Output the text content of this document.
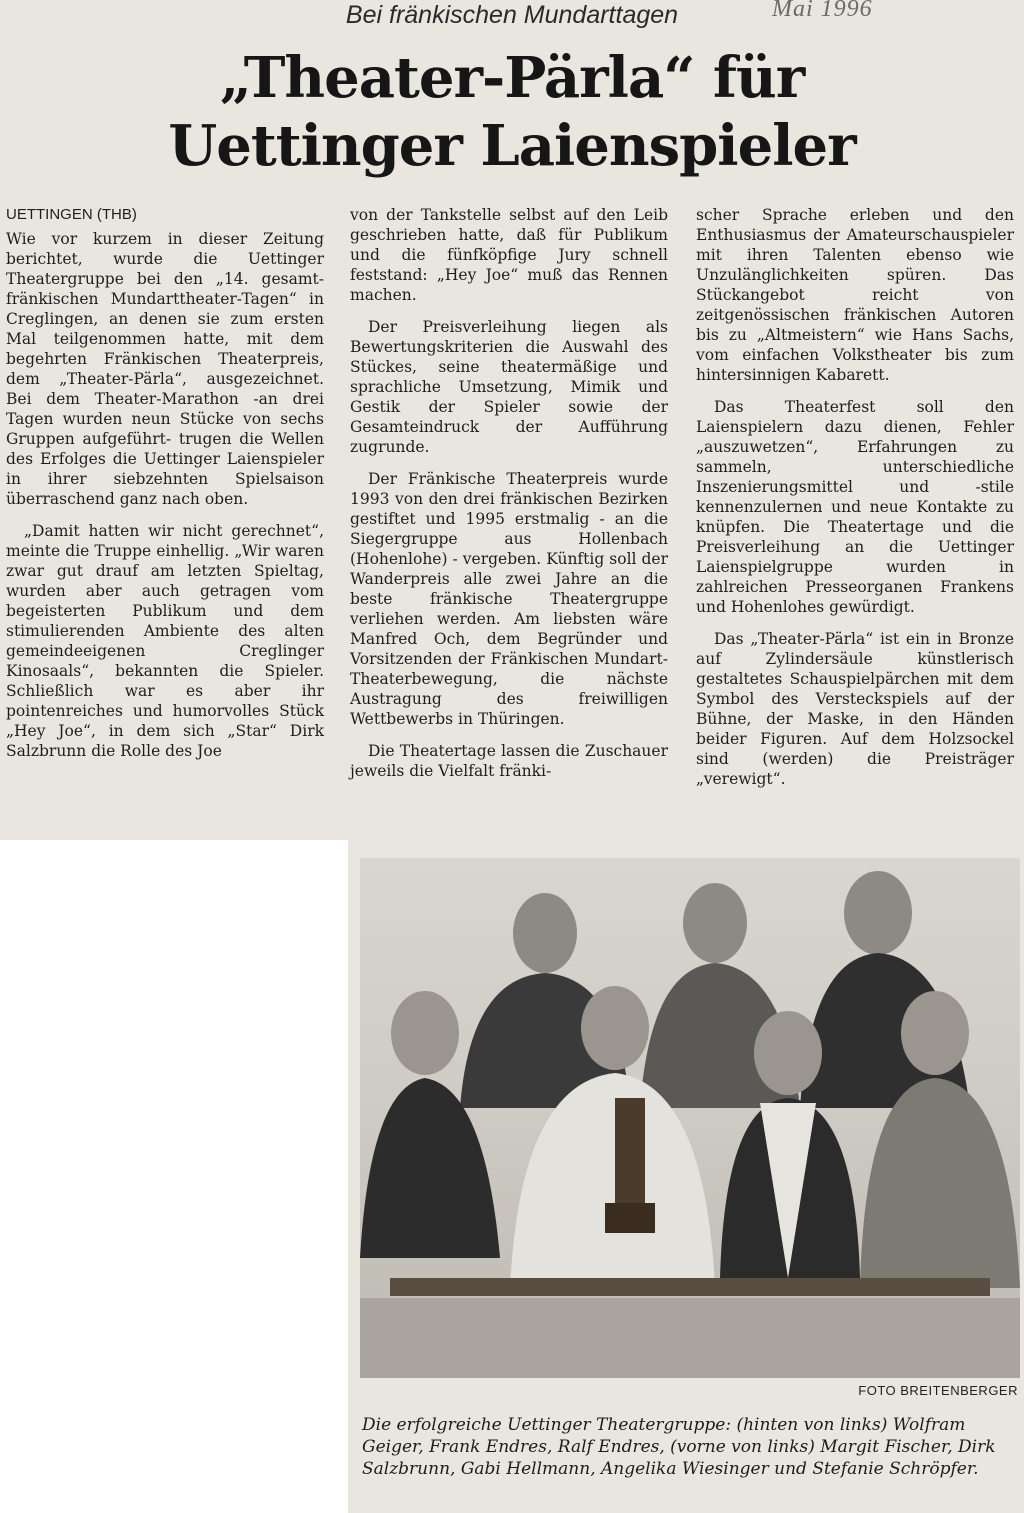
Bei fränkischen Mundarttagen	Mai 1996
„Theater-Pärla“ für
Uettinger Laienspieler
UETTINGEN (THB)

Wie vor kurzem in dieser Zeitung berichtet, wurde die Uettinger Theatergruppe bei den „14. gesamt-fränkischen Mundarttheater-Tagen“ in Creglingen, an denen sie zum ersten Mal teilgenommen hatte, mit dem begehrten Fränkischen Theaterpreis, dem „Theater-Pärla“, ausgezeichnet. Bei dem Theater-Marathon -an drei Tagen wurden neun Stücke von sechs Gruppen aufgeführt- trugen die Wellen des Erfolges die Uettinger Laienspieler in ihrer siebzehnten Spielsaison überraschend ganz nach oben.

„Damit hatten wir nicht gerechnet“, meinte die Truppe einhellig. „Wir waren zwar gut drauf am letzten Spieltag, wurden aber auch getragen vom begeisterten Publikum und dem stimulierenden Ambiente des alten gemeindeeigenen Creglinger Kinosaals“, bekannten die Spieler. Schließlich war es aber ihr pointenreiches und humorvolles Stück „Hey Joe“, in dem sich „Star“ Dirk Salzbrunn die Rolle des Joe

von der Tankstelle selbst auf den Leib geschrieben hatte, daß für Publikum und die fünfköpfige Jury schnell feststand: „Hey Joe“ muß das Rennen machen.

Der Preisverleihung liegen als Bewertungskriterien die Auswahl des Stückes, seine theatermäßige und sprachliche Umsetzung, Mimik und Gestik der Spieler sowie der Gesamteindruck der Aufführung zugrunde.

Der Fränkische Theaterpreis wurde 1993 von den drei fränkischen Bezirken gestiftet und 1995 erstmalig - an die Siegergruppe aus Hollenbach (Hohenlohe) - vergeben. Künftig soll der Wanderpreis alle zwei Jahre an die beste fränkische Theatergruppe verliehen werden. Am liebsten wäre Manfred Och, dem Begründer und Vorsitzenden der Fränkischen Mundart-Theaterbewegung, die nächste Austragung des freiwilligen Wettbewerbs in Thüringen.

Die Theatertage lassen die Zuschauer jeweils die Vielfalt fränki-

scher Sprache erleben und den Enthusiasmus der Amateurschauspieler mit ihren Talenten ebenso wie Unzulänglichkeiten spüren. Das Stückangebot reicht von zeitgenössischen fränkischen Autoren bis zu „Altmeistern“ wie Hans Sachs, vom einfachen Volkstheater bis zum hintersinnigen Kabarett.

Das Theaterfest soll den Laienspielern dazu dienen, Fehler „auszuwetzen“, Erfahrungen zu sammeln, unterschiedliche Inszenierungsmittel und -stile kennenzulernen und neue Kontakte zu knüpfen. Die Theatertage und die Preisverleihung an die Uettinger Laienspielgruppe wurden in zahlreichen Presseorganen Frankens und Hohenlohes gewürdigt.

Das „Theater-Pärla“ ist ein in Bronze auf Zylindersäule künstlerisch gestaltetes Schauspielpärchen mit dem Symbol des Versteckspiels auf der Bühne, der Maske, in den Händen beider Figuren. Auf dem Holzsockel sind (werden) die Preisträger „verewigt“.

FOTO BREITENBERGER
Die erfolgreiche Uettinger Theatergruppe: (hinten von links) Wolfram Geiger, Frank Endres, Ralf Endres, (vorne von links) Margit Fischer, Dirk Salzbrunn, Gabi Hellmann, Angelika Wiesinger und Stefanie Schröpfer.
